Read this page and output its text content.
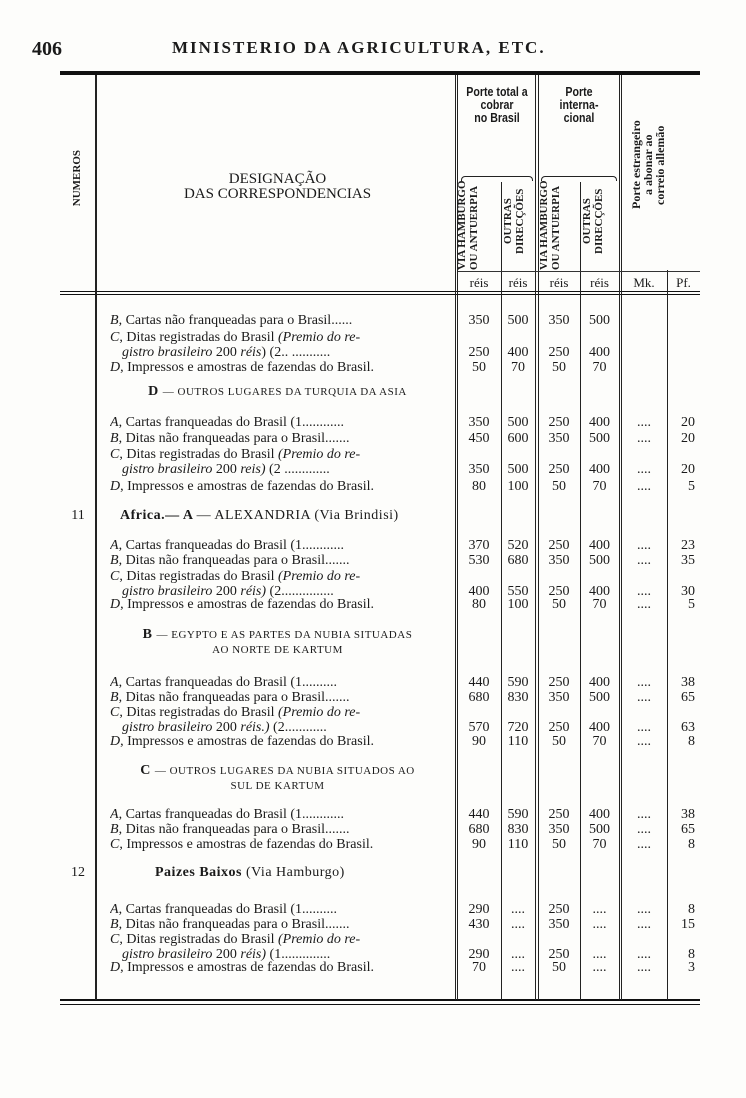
406	MINISTERIO DA AGRICULTURA, ETC.
NUMEROS	DESIGNAÇÃO
DAS CORRESPONDENCIAS
Porte total a
cobrar
no Brasil
Porte
interna-
cional
VIA HAMBURGO
OU ANTUERPIA	OUTRAS
DIRECÇÕES	VIA HAMBURGO
OU ANTUERPIA	OUTRAS
DIRECÇÕES
Porte estrangeiro
a abonar ao
correio allemão
réis	réis	réis	réis	Mk.	Pf.
B, Cartas não franqueadas para o Brasil......	350	500	350	500
C, Ditas registradas do Brasil (Premio do re-
gistro brasileiro 200 réis) (2.. ...........	250	400	250	400
D, Impressos e amostras de fazendas do Brasil.	50	70	50	70
D — OUTROS LUGARES DA TURQUIA DA ASIA
A, Cartas franqueadas do Brasil (1............	350	500	250	400	....	20
B, Ditas não franqueadas para o Brasil.......	450	600	350	500	....	20
C, Ditas registradas do Brasil (Premio do re-
gistro brasileiro 200 reis) (2 .............	350	500	250	400	....	20
D, Impressos e amostras de fazendas do Brasil.	80	100	50	70	....	5
11	Africa.— A — ALEXANDRIA (Via Brindisi)
A, Cartas franqueadas do Brasil (1............	370	520	250	400	....	23
B, Ditas não franqueadas para o Brasil.......	530	680	350	500	....	35
C, Ditas registradas do Brasil (Premio do re-
gistro brasileiro 200 réis) (2...............	400	550	250	400	....	30
D, Impressos e amostras de fazendas do Brasil.	80	100	50	70	....	5
B — EGYPTO E AS PARTES DA NUBIA SITUADAS
AO NORTE DE KARTUM
A, Cartas franqueadas do Brasil (1..........	440	590	250	400	....	38
B, Ditas não franqueadas para o Brasil.......	680	830	350	500	....	65
C, Ditas registradas do Brasil (Premio do re-
gistro brasileiro 200 réis.) (2............	570	720	250	400	....	63
D, Impressos e amostras de fazendas do Brasil.	90	110	50	70	....	8
C — OUTROS LUGARES DA NUBIA SITUADOS AO
SUL DE KARTUM
A, Cartas franqueadas do Brasil (1............	440	590	250	400	....	38
B, Ditas não franqueadas para o Brasil.......	680	830	350	500	....	65
C, Impressos e amostras de fazendas do Brasil.	90	110	50	70	....	8
12	Paizes Baixos (Via Hamburgo)
A, Cartas franqueadas do Brasil (1..........	290	....	250	....	....	8
B, Ditas não franqueadas para o Brasil.......	430	....	350	....	....	15
C, Ditas registradas do Brasil (Premio do re-
gistro brasileiro 200 réis) (1..............	290	....	250	....	....	8
D, Impressos e amostras de fazendas do Brasil.	70	....	50	....	....	3
